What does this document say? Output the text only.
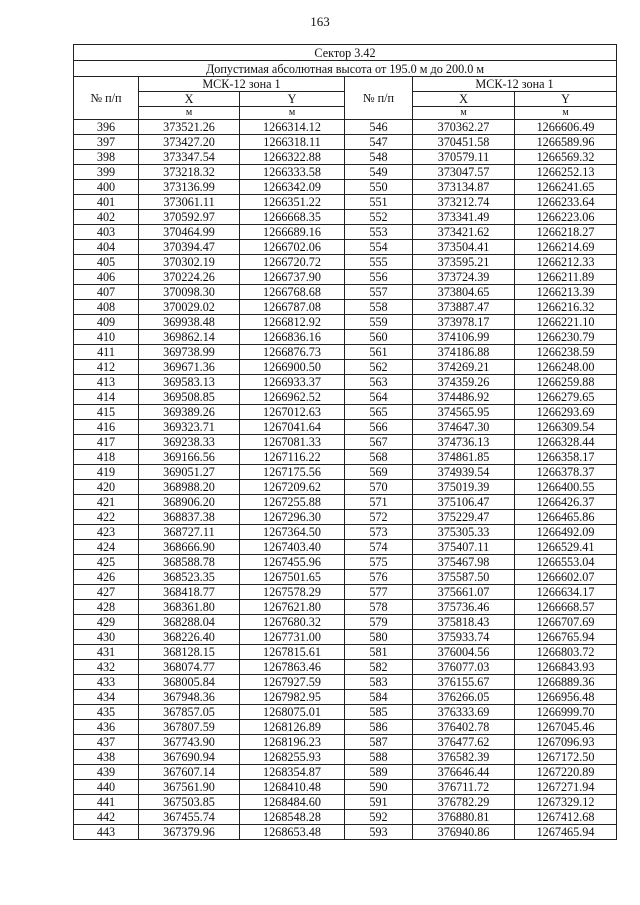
163
Сектор 3.42					
Допустимая абсолютная высота от 195.0 м до 200.0 м					
№ п/п	МСК-12 зона 1		№ п/п	МСК-12 зона 1	
	X	Y		X	Y
	м	м		м	м
396	373521.26	1266314.12	546	370362.27	1266606.49
397	373427.20	1266318.11	547	370451.58	1266589.96
398	373347.54	1266322.88	548	370579.11	1266569.32
399	373218.32	1266333.58	549	373047.57	1266252.13
400	373136.99	1266342.09	550	373134.87	1266241.65
401	373061.11	1266351.22	551	373212.74	1266233.64
402	370592.97	1266668.35	552	373341.49	1266223.06
403	370464.99	1266689.16	553	373421.62	1266218.27
404	370394.47	1266702.06	554	373504.41	1266214.69
405	370302.19	1266720.72	555	373595.21	1266212.33
406	370224.26	1266737.90	556	373724.39	1266211.89
407	370098.30	1266768.68	557	373804.65	1266213.39
408	370029.02	1266787.08	558	373887.47	1266216.32
409	369938.48	1266812.92	559	373978.17	1266221.10
410	369862.14	1266836.16	560	374106.99	1266230.79
411	369738.99	1266876.73	561	374186.88	1266238.59
412	369671.36	1266900.50	562	374269.21	1266248.00
413	369583.13	1266933.37	563	374359.26	1266259.88
414	369508.85	1266962.52	564	374486.92	1266279.65
415	369389.26	1267012.63	565	374565.95	1266293.69
416	369323.71	1267041.64	566	374647.30	1266309.54
417	369238.33	1267081.33	567	374736.13	1266328.44
418	369166.56	1267116.22	568	374861.85	1266358.17
419	369051.27	1267175.56	569	374939.54	1266378.37
420	368988.20	1267209.62	570	375019.39	1266400.55
421	368906.20	1267255.88	571	375106.47	1266426.37
422	368837.38	1267296.30	572	375229.47	1266465.86
423	368727.11	1267364.50	573	375305.33	1266492.09
424	368666.90	1267403.40	574	375407.11	1266529.41
425	368588.78	1267455.96	575	375467.98	1266553.04
426	368523.35	1267501.65	576	375587.50	1266602.07
427	368418.77	1267578.29	577	375661.07	1266634.17
428	368361.80	1267621.80	578	375736.46	1266668.57
429	368288.04	1267680.32	579	375818.43	1266707.69
430	368226.40	1267731.00	580	375933.74	1266765.94
431	368128.15	1267815.61	581	376004.56	1266803.72
432	368074.77	1267863.46	582	376077.03	1266843.93
433	368005.84	1267927.59	583	376155.67	1266889.36
434	367948.36	1267982.95	584	376266.05	1266956.48
435	367857.05	1268075.01	585	376333.69	1266999.70
436	367807.59	1268126.89	586	376402.78	1267045.46
437	367743.90	1268196.23	587	376477.62	1267096.93
438	367690.94	1268255.93	588	376582.39	1267172.50
439	367607.14	1268354.87	589	376646.44	1267220.89
440	367561.90	1268410.48	590	376711.72	1267271.94
441	367503.85	1268484.60	591	376782.29	1267329.12
442	367455.74	1268548.28	592	376880.81	1267412.68
443	367379.96	1268653.48	593	376940.86	1267465.94
